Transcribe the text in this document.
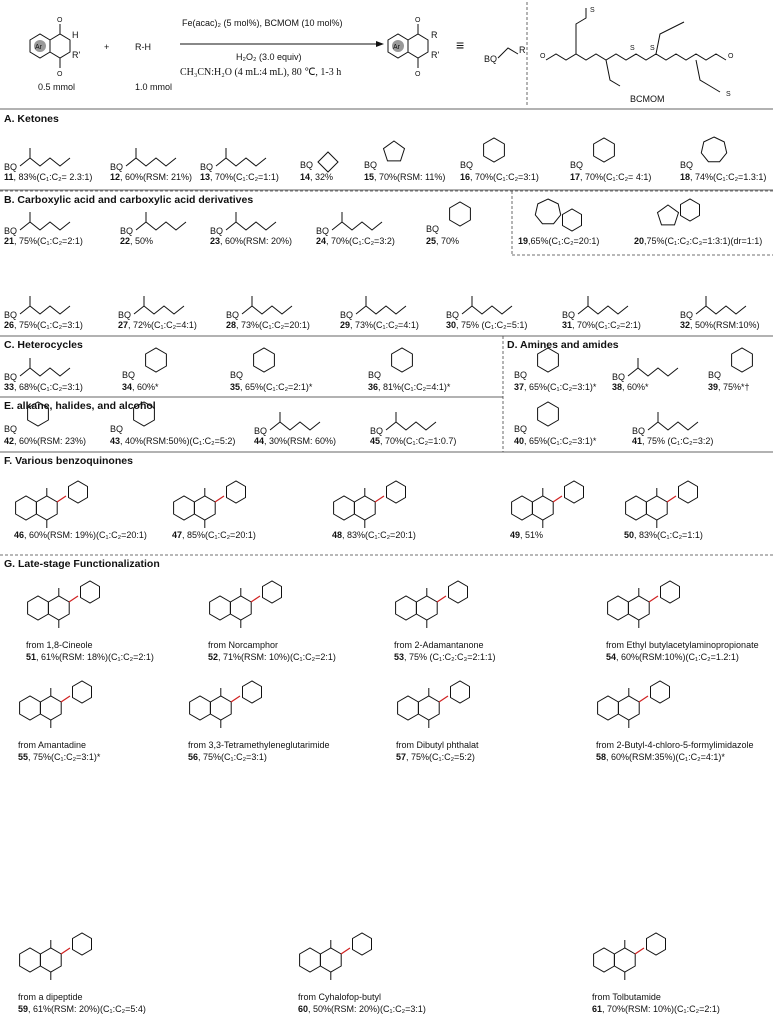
Ar
O
O
H
R'
+	R-H
0.5 mmol	1.0 mmol
Fe(acac)₂ (5 mol%), BCMOM (10 mol%)
H₂O₂ (3.0 equiv)
CH₃CN:H₂O (4 mL:4 mL), 80 ℃, 1-3 h
Ar
O
O
R
R'
≡
BQ
R
S
S S
S
O	O
BCMOM
A. Ketones
B. Carboxylic acid and carboxylic acid derivatives
C. Heterocycles	D. Amines and amides
E. alkane, halides, and alcohol
F. Various benzoquinones
G. Late-stage Functionalization
BQ	BQ	BQ	BQ	BQ	BQ	BQ	BQ
BQ	BQ	BQ	BQ	BQ
BQ	BQ	BQ	BQ	BQ	BQ	BQ
BQ	BQ	BQ	BQ	BQ	BQ	BQ
BQ	BQ
BQ	BQ	BQ	BQ
11, 83%(C₁:C₂= 2.3:1) 12, 60%(RSM: 21%) 13, 70%(C₁:C₂=1:1) 14, 32%	15, 70%(RSM: 11%) 16, 70%(C₁:C₂=3:1)	17, 70%(C₁:C₂= 4:1)	18, 74%(C₁:C₂=1.3:1)
19,65%(C₁:C₂=20:1)	20,75%(C₁:C₂:C₃=1:3:1)(dr=1:1)
21, 75%(C₁:C₂=2:1)	22, 50%	23, 60%(RSM: 20%)	24, 70%(C₁:C₂=3:2)	25, 70%
26, 75%(C₁:C₂=3:1)	27, 72%(C₁:C₂=4:1)	28, 73%(C₁:C₂=20:1)	29, 73%(C₁:C₂=4:1)	30, 75% (C₁:C₂=5:1)	31, 70%(C₁:C₂=2:1)	32, 50%(RSM:10%)
33, 68%(C₁:C₂=3:1)	34, 60%*	35, 65%(C₁:C₂=2:1)*	36, 81%(C₁:C₂=4:1)*	37, 65%(C₁:C₂=3:1)* 38, 60%*	39, 75%*†
40, 65%(C₁:C₂=3:1)*	41, 75% (C₁:C₂=3:2)
42, 60%(RSM: 23%)	43, 40%(RSM:50%)(C₁:C₂=5:2) 44, 30%(RSM: 60%)	45, 70%(C₁:C₂=1:0.7)
46, 60%(RSM: 19%)(C₁:C₂=20:1)	47, 85%(C₁:C₂=20:1)	48, 83%(C₁:C₂=20:1)	49, 51%	50, 83%(C₁:C₂=1:1)
from 1,8-Cineole
51, 61%(RSM: 18%)(C₁:C₂=2:1)
from Norcamphor
52, 71%(RSM: 10%)(C₁:C₂=2:1)
from 2-Adamantanone
53, 75% (C₁:C₂:C₃=2:1:1)
from Ethyl butylacetylaminopropionate
54, 60%(RSM:10%)(C₁:C₂=1.2:1)
from Amantadine
55, 75%(C₁:C₂=3:1)*
from 3,3-Tetramethyleneglutarimide
56, 75%(C₁:C₂=3:1)
from Dibutyl phthalat
57, 75%(C₁:C₂=5:2)
from 2-Butyl-4-chloro-5-formylimidazole
58, 60%(RSM:35%)(C₁:C₂=4:1)*
from a dipeptide
59, 61%(RSM: 20%)(C₁:C₂=5:4)
from Cyhalofop-butyl
60, 50%(RSM: 20%)(C₁:C₂=3:1)
from Tolbutamide
61, 70%(RSM: 10%)(C₁:C₂=2:1)
